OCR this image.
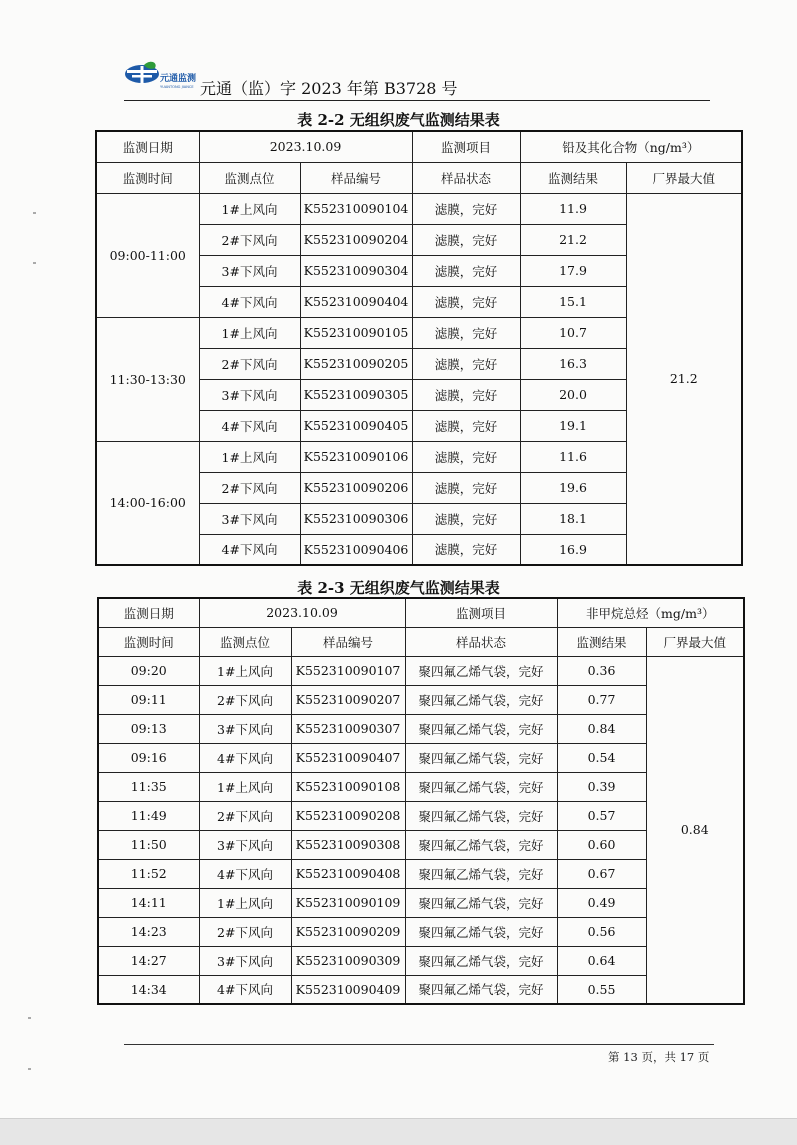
元通监测
YUANTONG JIANCE 元通（监）字 2023 年第 B3728 号
表 2-2 无组织废气监测结果表
监测日期	2023.10.09		监测项目	铅及其化合物（ng/m³）	
监测时间	监测点位	样品编号	样品状态	监测结果	厂界最大值
09:00-11:00	1#上风向	K552310090104	滤膜，完好	11.9	21.2
	2#下风向	K552310090204	滤膜，完好	21.2	
	3#下风向	K552310090304	滤膜，完好	17.9	
	4#下风向	K552310090404	滤膜，完好	15.1	
11:30-13:30	1#上风向	K552310090105	滤膜，完好	10.7	
	2#下风向	K552310090205	滤膜，完好	16.3	
	3#下风向	K552310090305	滤膜，完好	20.0	
	4#下风向	K552310090405	滤膜，完好	19.1	
14:00-16:00	1#上风向	K552310090106	滤膜，完好	11.6	
	2#下风向	K552310090206	滤膜，完好	19.6	
	3#下风向	K552310090306	滤膜，完好	18.1	
	4#下风向	K552310090406	滤膜，完好	16.9	
表 2-3 无组织废气监测结果表
监测日期	2023.10.09		监测项目	非甲烷总烃（mg/m³）	
监测时间	监测点位	样品编号	样品状态	监测结果	厂界最大值
09:20	1#上风向	K552310090107	聚四氟乙烯气袋，完好	0.36	0.84
09:11	2#下风向	K552310090207	聚四氟乙烯气袋，完好	0.77	
09:13	3#下风向	K552310090307	聚四氟乙烯气袋，完好	0.84	
09:16	4#下风向	K552310090407	聚四氟乙烯气袋，完好	0.54	
11:35	1#上风向	K552310090108	聚四氟乙烯气袋，完好	0.39	
11:49	2#下风向	K552310090208	聚四氟乙烯气袋，完好	0.57	
11:50	3#下风向	K552310090308	聚四氟乙烯气袋，完好	0.60	
11:52	4#下风向	K552310090408	聚四氟乙烯气袋，完好	0.67	
14:11	1#上风向	K552310090109	聚四氟乙烯气袋，完好	0.49	
14:23	2#下风向	K552310090209	聚四氟乙烯气袋，完好	0.56	
14:27	3#下风向	K552310090309	聚四氟乙烯气袋，完好	0.64	
14:34	4#下风向	K552310090409	聚四氟乙烯气袋，完好	0.55	
第 13 页，共 17 页
